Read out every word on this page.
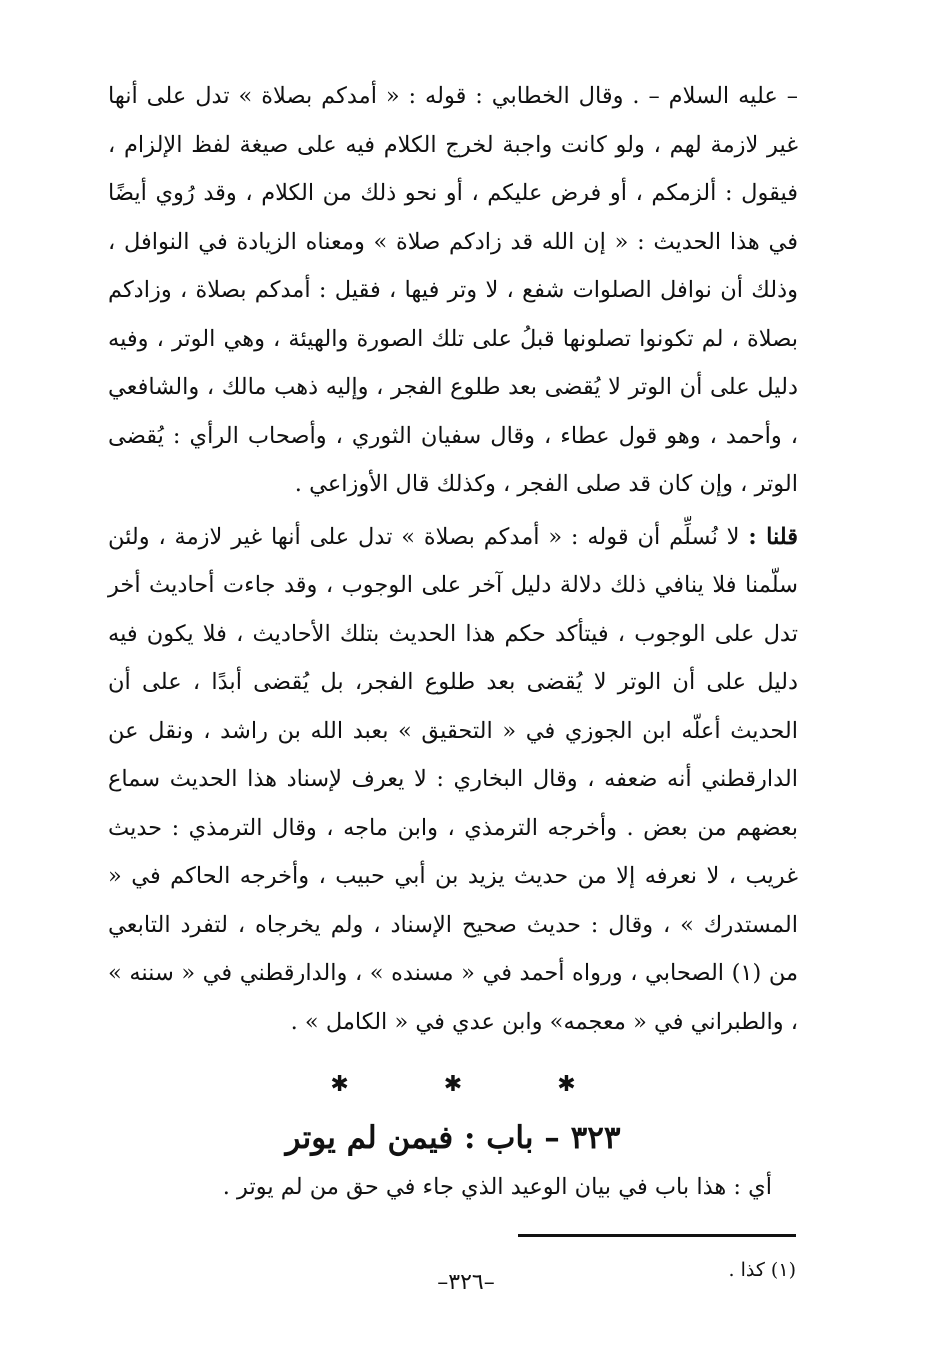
– عليه السلام – . وقال الخطابي : قوله : « أمدكم بصلاة » تدل على أنها غير لازمة لهم ، ولو كانت واجبة لخرج الكلام فيه على صيغة لفظ الإلزام ، فيقول : ألزمكم ، أو فرض عليكم ، أو نحو ذلك من الكلام ، وقد رُوي أيضًا في هذا الحديث : « إن الله قد زادكم صلاة » ومعناه الزيادة في النوافل ، وذلك أن نوافل الصلوات شفع ، لا وتر فيها ، فقيل : أمدكم بصلاة ، وزادكم بصلاة ، لم تكونوا تصلونها قبلُ على تلك الصورة والهيئة ، وهي الوتر ، وفيه دليل على أن الوتر لا يُقضى بعد طلوع الفجر ، وإليه ذهب مالك ، والشافعي ، وأحمد ، وهو قول عطاء ، وقال سفيان الثوري ، وأصحاب الرأي : يُقضى الوتر ، وإن كان قد صلى الفجر ، وكذلك قال الأوزاعي .

قلنا : لا نُسلِّم أن قوله : « أمدكم بصلاة » تدل على أنها غير لازمة ، ولئن سلّمنا فلا ينافي ذلك دلالة دليل آخر على الوجوب ، وقد جاءت أحاديث أخر تدل على الوجوب ، فيتأكد حكم هذا الحديث بتلك الأحاديث ، فلا يكون فيه دليل على أن الوتر لا يُقضى بعد طلوع الفجر، بل يُقضى أبدًا ، على أن الحديث أعلّه ابن الجوزي في « التحقيق » بعبد الله بن راشد ، ونقل عن الدارقطني أنه ضعفه ، وقال البخاري : لا يعرف لإسناد هذا الحديث سماع بعضهم من بعض . وأخرجه الترمذي ، وابن ماجه ، وقال الترمذي : حديث غريب ، لا نعرفه إلا من حديث يزيد بن أبي حبيب ، وأخرجه الحاكم في « المستدرك » ، وقال : حديث صحيح الإسناد ، ولم يخرجاه ، لتفرد التابعي من (١) الصحابي ، ورواه أحمد في « مسنده » ، والدارقطني في « سننه » ، والطبراني في « معجمه» وابن عدي في « الكامل » .

✱ ✱ ✱
٣٢٣ – باب : فيمن لم يوتر
أي : هذا باب في بيان الوعيد الذي جاء في حق من لم يوتر .
(١) كذا .
–٣٢٦–
